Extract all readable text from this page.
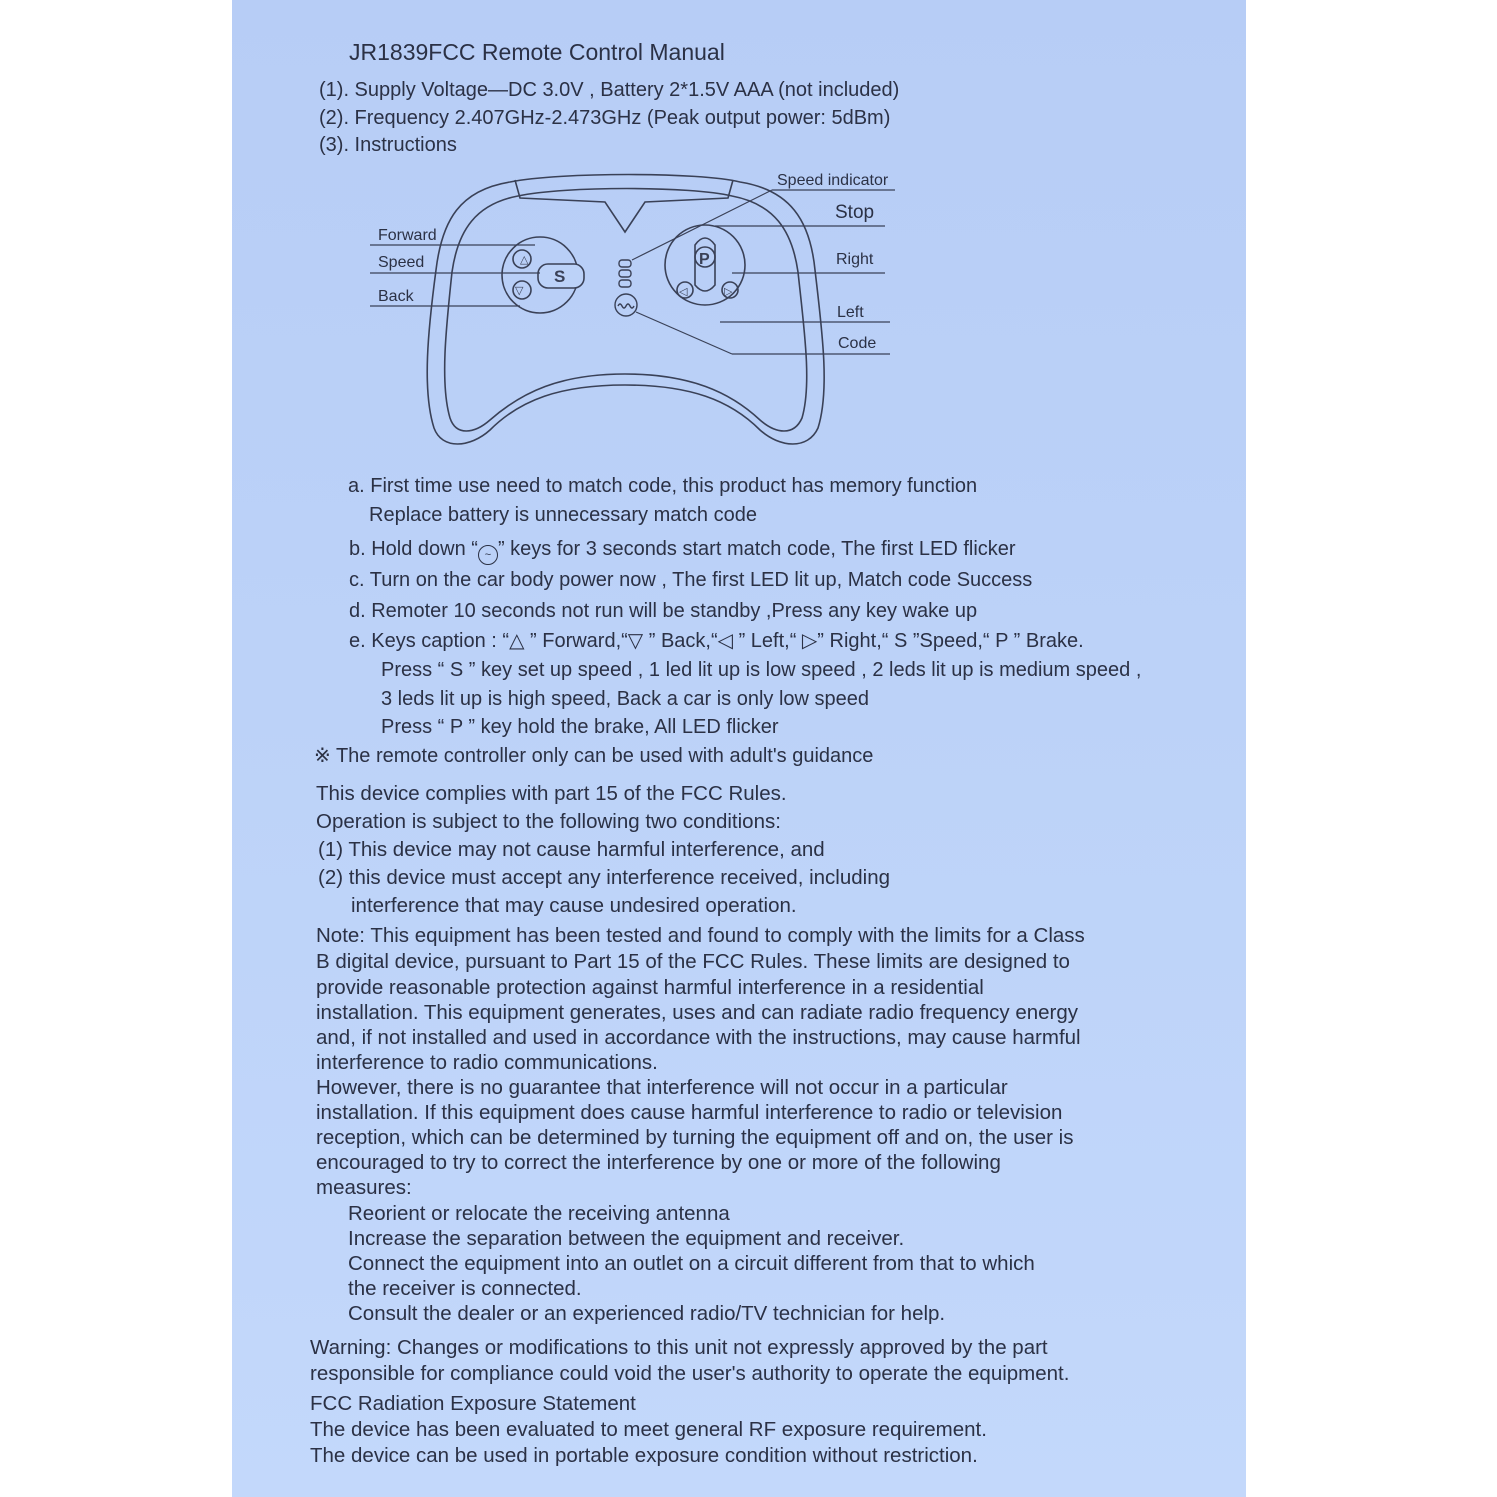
JR1839FCC Remote Control Manual
(1). Supply Voltage—DC 3.0V , Battery 2*1.5V AAA (not included)
(2). Frequency 2.407GHz-2.473GHz (Peak output power: 5dBm)
(3). Instructions
△
▽
S
P
◁	▷
Forward
Speed
Back
Speed indicator
Stop
Right
Left
Code
a. First time use need to match code, this product has memory function
Replace battery is unnecessary match code
b. Hold down “ ~ ” keys for 3 seconds start match code, The first LED flicker
c. Turn on the car body power now , The first LED lit up, Match code Success
d. Remoter 10 seconds not run will be standby ,Press any key wake up
e. Keys caption : “△ ” Forward,“▽ ” Back,“◁ ” Left,“ ▷” Right,“ S ”Speed,“ P ” Brake.
Press “ S ” key set up speed , 1 led lit up is low speed , 2 leds lit up is medium speed ,
3 leds lit up is high speed, Back a car is only low speed
Press “ P ” key hold the brake, All LED flicker
※ The remote controller only can be used with adult's guidance
This device complies with part 15 of the FCC Rules.
Operation is subject to the following two conditions:
(1) This device may not cause harmful interference, and
(2) this device must accept any interference received, including
interference that may cause undesired operation.
Note: This equipment has been tested and found to comply with the limits for a Class
B digital device, pursuant to Part 15 of the FCC Rules. These limits are designed to
provide reasonable protection against harmful interference in a residential
installation. This equipment generates, uses and can radiate radio frequency energy
and, if not installed and used in accordance with the instructions, may cause harmful
interference to radio communications.
However, there is no guarantee that interference will not occur in a particular
installation. If this equipment does cause harmful interference to radio or television
reception, which can be determined by turning the equipment off and on, the user is
encouraged to try to correct the interference by one or more of the following
measures:
Reorient or relocate the receiving antenna
Increase the separation between the equipment and receiver.
Connect the equipment into an outlet on a circuit different from that to which
the receiver is connected.
Consult the dealer or an experienced radio/TV technician for help.
Warning: Changes or modifications to this unit not expressly approved by the part
responsible for compliance could void the user's authority to operate the equipment.
FCC Radiation Exposure Statement
The device has been evaluated to meet general RF exposure requirement.
The device can be used in portable exposure condition without restriction.
